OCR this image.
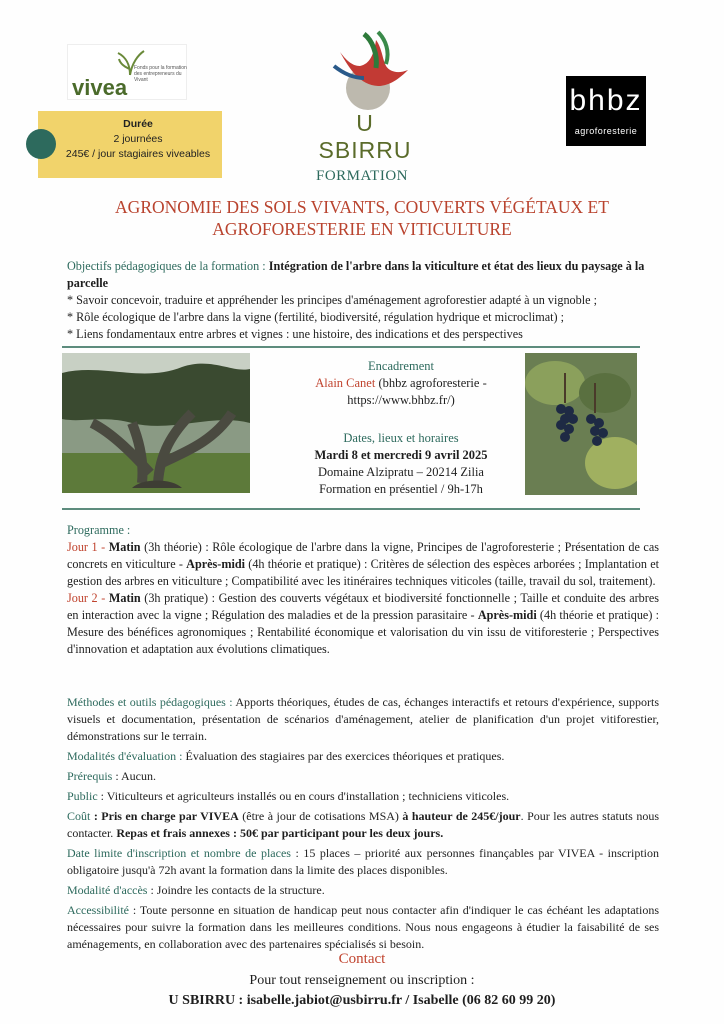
vivea
Fonds pour la formation des entrepreneurs du Vivant
U SBIRRU
bhbz
agroforesterie
Durée
2 journées
245€ / jour stagiaires viveables
FORMATION
AGRONOMIE DES SOLS VIVANTS, COUVERTS VÉGÉTAUX ET
AGROFORESTERIE EN VITICULTURE

Objectifs pédagogiques de la formation : Intégration de l'arbre dans la viticulture et état des lieux du paysage à la parcelle

* Savoir concevoir, traduire et appréhender les principes d'aménagement agroforestier adapté à un vignoble ;

* Rôle écologique de l'arbre dans la vigne (fertilité, biodiversité, régulation hydrique et microclimat) ;

* Liens fondamentaux entre arbres et vignes : une histoire, des indications et des perspectives

Encadrement
Alain Canet (bhbz agroforesterie -
https://www.bhbz.fr/)
Dates, lieux et horaires
Mardi 8 et mercredi 9 avril 2025
Domaine Alzipratu – 20214 Zilia
Formation en présentiel / 9h-17h

Programme :

Jour 1 - Matin (3h théorie) : Rôle écologique de l'arbre dans la vigne, Principes de l'agroforesterie ; Présentation de cas concrets en viticulture - Après-midi (4h théorie et pratique) : Critères de sélection des espèces arborées ; Implantation et gestion des arbres en viticulture ; Compatibilité avec les itinéraires techniques viticoles (taille, travail du sol, traitement).

Jour 2 - Matin (3h pratique) : Gestion des couverts végétaux et biodiversité fonctionnelle ; Taille et conduite des arbres en interaction avec la vigne ; Régulation des maladies et de la pression parasitaire - Après-midi (4h théorie et pratique) : Mesure des bénéfices agronomiques ; Rentabilité économique et valorisation du vin issu de vitiforesterie ; Perspectives d'innovation et adaptation aux évolutions climatiques.

Méthodes et outils pédagogiques : Apports théoriques, études de cas, échanges interactifs et retours d'expérience, supports visuels et documentation, présentation de scénarios d'aménagement, atelier de planification d'un projet vitiforestier, démonstrations sur le terrain.

Modalités d'évaluation : Évaluation des stagiaires par des exercices théoriques et pratiques.

Prérequis : Aucun.

Public : Viticulteurs et agriculteurs installés ou en cours d'installation ; techniciens viticoles.

Coût : Pris en charge par VIVEA (être à jour de cotisations MSA) à hauteur de 245€/jour. Pour les autres statuts nous contacter. Repas et frais annexes : 50€ par participant pour les deux jours.

Date limite d'inscription et nombre de places : 15 places – priorité aux personnes finançables par VIVEA - inscription obligatoire jusqu'à 72h avant la formation dans la limite des places disponibles.

Modalité d'accès : Joindre les contacts de la structure.

Accessibilité : Toute personne en situation de handicap peut nous contacter afin d'indiquer le cas échéant les adaptations nécessaires pour suivre la formation dans les meilleures conditions. Nous nous engageons à étudier la faisabilité de ses aménagements, en collaboration avec des partenaires spécialisés si besoin.

Contact
Pour tout renseignement ou inscription :
U SBIRRU : isabelle.jabiot@usbirru.fr / Isabelle (06 82 60 99 20)
